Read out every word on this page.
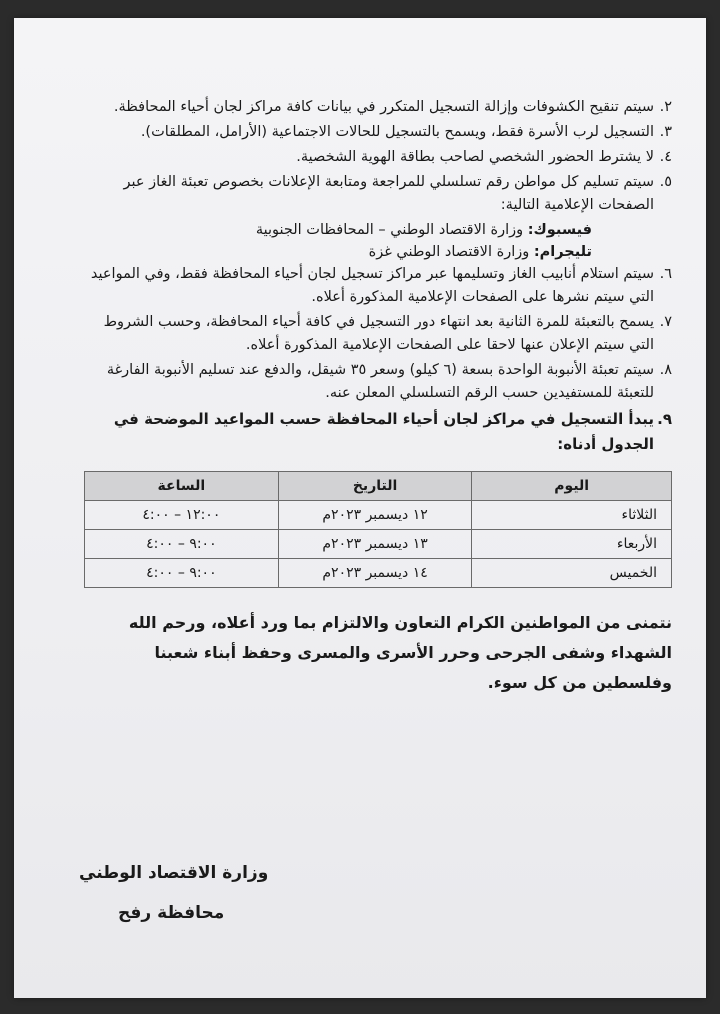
٢.
سيتم تنقيح الكشوفات وإزالة التسجيل المتكرر في بيانات كافة مراكز لجان أحياء المحافظة.
٣.
التسجيل لرب الأسرة فقط، ويسمح بالتسجيل للحالات الاجتماعية (الأرامل، المطلقات).
٤.
لا يشترط الحضور الشخصي لصاحب بطاقة الهوية الشخصية.
٥.
سيتم تسليم كل مواطن رقم تسلسلي للمراجعة ومتابعة الإعلانات بخصوص تعبئة الغاز عبر الصفحات الإعلامية التالية:
فيسبوك: وزارة الاقتصاد الوطني – المحافظات الجنوبية
تليجرام: وزارة الاقتصاد الوطني غزة
٦.
سيتم استلام أنابيب الغاز وتسليمها عبر مراكز تسجيل لجان أحياء المحافظة فقط، وفي المواعيد التي سيتم نشرها على الصفحات الإعلامية المذكورة أعلاه.
٧.
يسمح بالتعبئة للمرة الثانية بعد انتهاء دور التسجيل في كافة أحياء المحافظة، وحسب الشروط التي سيتم الإعلان عنها لاحقا على الصفحات الإعلامية المذكورة أعلاه.
٨.
سيتم تعبئة الأنبوبة الواحدة بسعة (٦ كيلو) وسعر ٣٥ شيقل، والدفع عند تسليم الأنبوبة الفارغة للتعبئة للمستفيدين حسب الرقم التسلسلي المعلن عنه.
٩.
يبدأ التسجيل في مراكز لجان أحياء المحافظة حسب المواعيد الموضحة في الجدول أدناه:
اليوم	التاريخ	الساعة
الثلاثاء	١٢ ديسمبر ٢٠٢٣م	١٢:٠٠ – ٤:٠٠
الأربعاء	١٣ ديسمبر ٢٠٢٣م	٩:٠٠ – ٤:٠٠
الخميس	١٤ ديسمبر ٢٠٢٣م	٩:٠٠ – ٤:٠٠
نتمنى من المواطنين الكرام التعاون والالتزام بما ورد أعلاه، ورحم الله الشهداء وشفى الجرحى وحرر الأسرى والمسرى وحفظ أبناء شعبنا وفلسطين من كل سوء.
وزارة الاقتصاد الوطني
محافظة رفح
